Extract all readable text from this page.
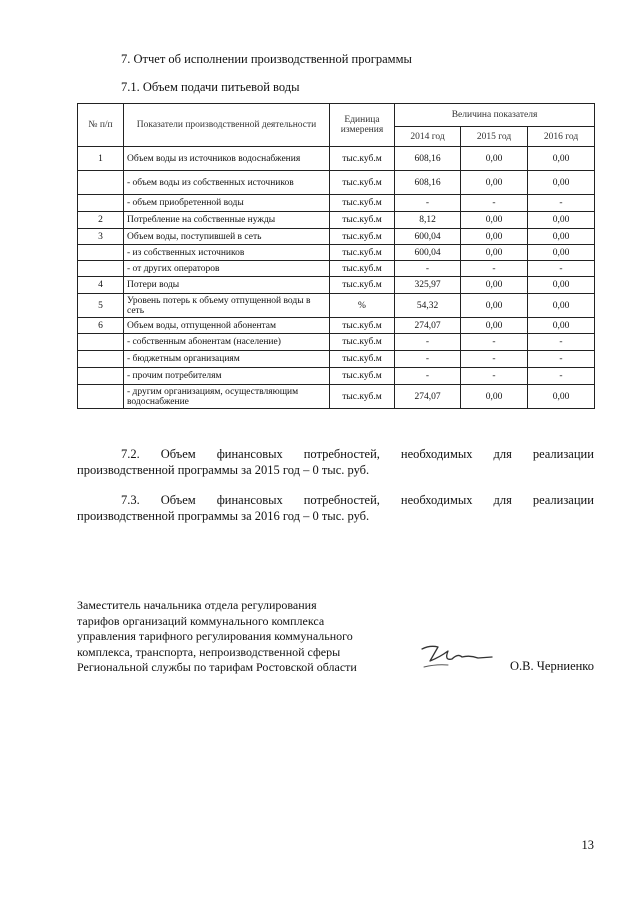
7. Отчет об исполнении производственной программы
7.1. Объем подачи питьевой воды
№ п/п	Показатели производственной деятельности	Единица измерения	Величина показателя		
			2014 год	2015 год	2016 год
1	Объем воды из источников водоснабжения	тыс.куб.м	608,16	0,00	0,00
	- объем воды из собственных источников	тыс.куб.м	608,16	0,00	0,00
	- объем приобретенной воды	тыс.куб.м	-	-	-
2	Потребление на собственные нужды	тыс.куб.м	8,12	0,00	0,00
3	Объем воды, поступившей в сеть	тыс.куб.м	600,04	0,00	0,00
	- из собственных источников	тыс.куб.м	600,04	0,00	0,00
	- от других операторов	тыс.куб.м	-	-	-
4	Потери воды	тыс.куб.м	325,97	0,00	0,00
5	Уровень потерь к объему отпущенной воды в сеть	%	54,32	0,00	0,00
6	Объем воды, отпущенной абонентам	тыс.куб.м	274,07	0,00	0,00
	- собственным абонентам (население)	тыс.куб.м	-	-	-
	- бюджетным организациям	тыс.куб.м	-	-	-
	- прочим потребителям	тыс.куб.м	-	-	-
	- другим организациям, осуществляющим водоснабжение	тыс.куб.м	274,07	0,00	0,00
7.2. Объем финансовых потребностей, необходимых для реализации
производственной программы за 2015 год – 0 тыс. руб.
7.3. Объем финансовых потребностей, необходимых для реализации
производственной программы за 2016 год – 0 тыс. руб.
Заместитель начальника отдела регулирования
тарифов организаций коммунального комплекса
управления тарифного регулирования коммунального
комплекса, транспорта, непроизводственной сферы
Региональной службы по тарифам Ростовской области	О.В. Черниенко
13
